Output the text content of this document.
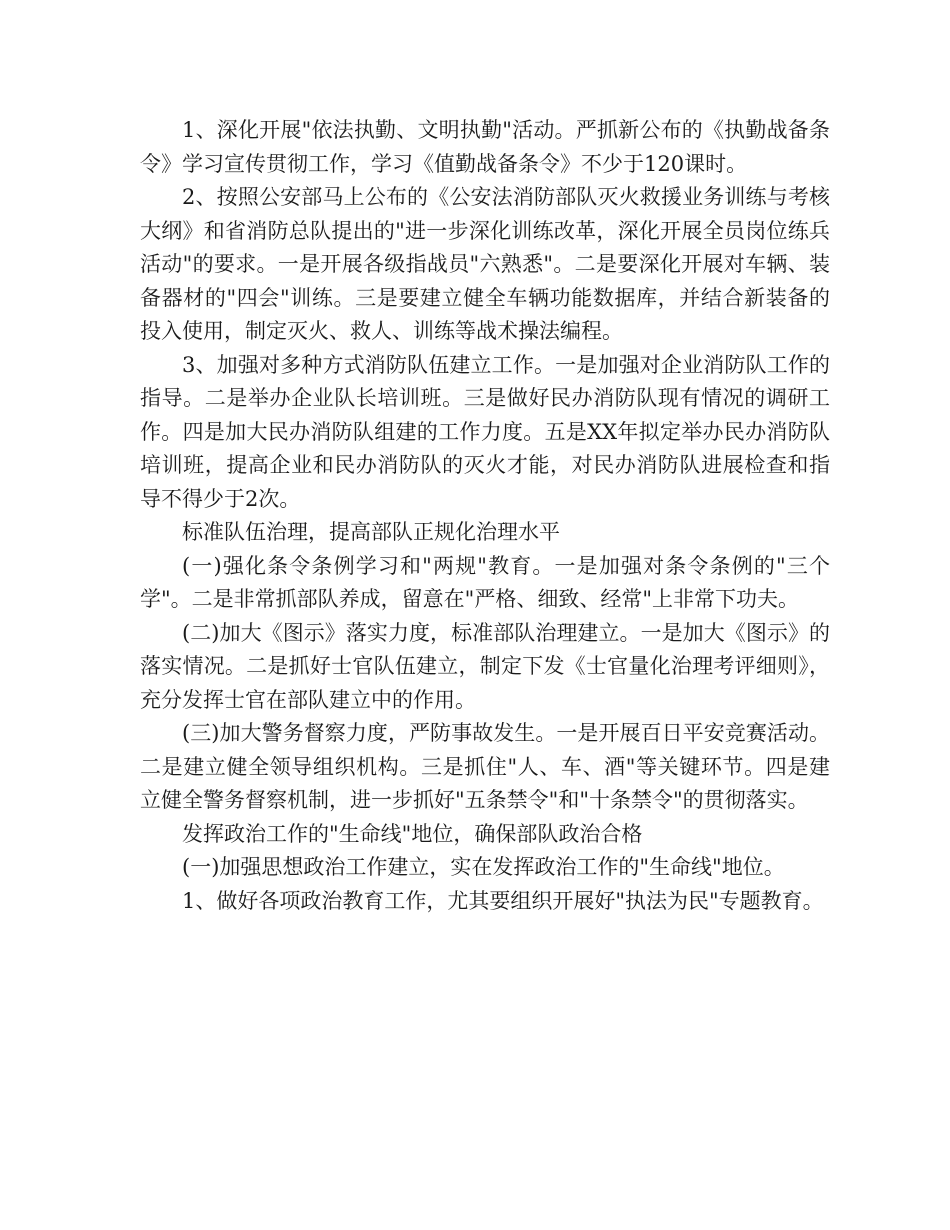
1、深化开展"依法执勤、文明执勤"活动。严抓新公布的《执勤战备条令》学习宣传贯彻工作，学习《值勤战备条令》不少于120课时。

2、按照公安部马上公布的《公安法消防部队灭火救援业务训练与考核大纲》和省消防总队提出的"进一步深化训练改革，深化开展全员岗位练兵活动"的要求。一是开展各级指战员"六熟悉"。二是要深化开展对车辆、装备器材的"四会"训练。三是要建立健全车辆功能数据库，并结合新装备的投入使用，制定灭火、救人、训练等战术操法编程。

3、加强对多种方式消防队伍建立工作。一是加强对企业消防队工作的指导。二是举办企业队长培训班。三是做好民办消防队现有情况的调研工作。四是加大民办消防队组建的工作力度。五是XX年拟定举办民办消防队培训班，提高企业和民办消防队的灭火才能，对民办消防队进展检查和指导不得少于2次。

标准队伍治理，提高部队正规化治理水平

(一)强化条令条例学习和"两规"教育。一是加强对条令条例的"三个学"。二是非常抓部队养成，留意在"严格、细致、经常"上非常下功夫。

(二)加大《图示》落实力度，标准部队治理建立。一是加大《图示》的落实情况。二是抓好士官队伍建立，制定下发《士官量化治理考评细则》，充分发挥士官在部队建立中的作用。

(三)加大警务督察力度，严防事故发生。一是开展百日平安竞赛活动。二是建立健全领导组织机构。三是抓住"人、车、酒"等关键环节。四是建立健全警务督察机制，进一步抓好"五条禁令"和"十条禁令"的贯彻落实。

发挥政治工作的"生命线"地位，确保部队政治合格

(一)加强思想政治工作建立，实在发挥政治工作的"生命线"地位。

1、做好各项政治教育工作，尤其要组织开展好"执法为民"专题教育。
